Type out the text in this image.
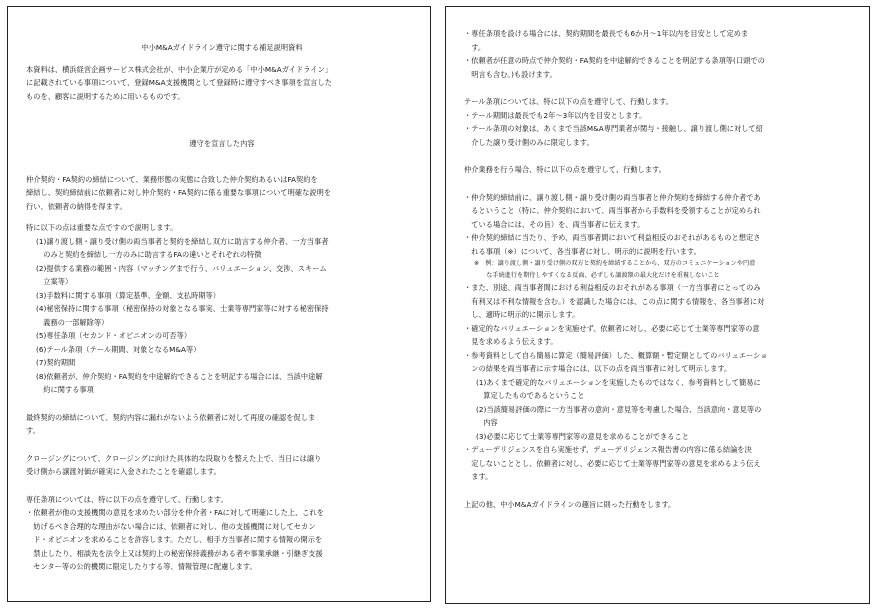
中小M&Aガイドライン遵守に関する補足説明資料

本資料は、横浜経営企画サービス株式会社が、中小企業庁が定める「中小M&Aガイドライン」

に記載されている事項について、登録M&A支援機関として登録時に遵守すべき事項を宣言した

ものを、顧客に説明するために用いるものです。

遵守を宣言した内容

仲介契約・FA契約の締結について、業務形態の実態に合致した仲介契約あるいはFA契約を

締結し、契約締結前に依頼者に対し仲介契約・FA契約に係る重要な事項について明確な説明を

行い、依頼者の納得を得ます。

特に以下の点は重要な点ですので説明します。

(1)譲り渡し側・譲り受け側の両当事者と契約を締結し双方に助言する仲介者、一方当事者

　のみと契約を締結し一方のみに助言するFAの違いとそれぞれの特徴

(2)提供する業務の範囲・内容（マッチングまで行う、バリュエーション、交渉、スキーム

　立案等）

(3)手数料に関する事項（算定基準、金額、支払時期等）

(4)秘密保持に関する事項（秘密保持の対象となる事実、士業等専門家等に対する秘密保持

　義務の一部解除等）

(5)専任条項（セカンド・オピニオンの可否等）

(6)テール条項（テール期間、対象となるM&A等）

(7)契約期間

(8)依頼者が、仲介契約・FA契約を中途解約できることを明記する場合には、当該中途解

　約に関する事項

最終契約の締結について、契約内容に漏れがないよう依頼者に対して再度の確認を促しま

す。

クロージングについて、クロージングに向けた具体的な段取りを整えた上で、当日には譲り

受け側から譲渡対価が確実に入金されたことを確認します。

専任条項については、特に以下の点を遵守して、行動します。

・依頼者が他の支援機関の意見を求めたい部分を仲介者・FAに対して明確にした上、これを

　妨げるべき合理的な理由がない場合には、依頼者に対し、他の支援機関に対してセカン

　ド・オピニオンを求めることを許容します。ただし、相手方当事者に関する情報の開示を

　禁止したり、相談先を法令上又は契約上の秘密保持義務がある者や事業承継・引継ぎ支援

　センター等の公的機関に限定したりする等、情報管理に配慮します。

・専任条項を設ける場合には、契約期間を最長でも6か月～1年以内を目安として定めま

　す。

・依頼者が任意の時点で仲介契約・FA契約を中途解約できることを明記する条項等(口頭での

　明言も含む。)も設けます。

テール条項については、特に以下の点を遵守して、行動します。

・テール期間は最長でも2年～3年以内を目安とします。

・テール条項の対象は、あくまで当該M&A専門業者が関与・接触し、譲り渡し側に対して紹

　介した譲り受け側のみに限定します。

仲介業務を行う場合、特に以下の点を遵守して、行動します。

・仲介契約締結前に、譲り渡し側・譲り受け側の両当事者と仲介契約を締結する仲介者であ

　るということ（特に、仲介契約において、両当事者から手数料を受領することが定められ

　ている場合には、その旨）を、両当事者に伝えます。

・仲介契約締結に当たり、予め、両当事者間において利益相反のおそれがあるものと想定さ

　れる事項（※）について、各当事者に対し、明示的に説明を行います。

※　例：譲り渡し側・譲り受け側の双方と契約を締結することから、双方のコミュニケーションや円滑

　　な手続進行を期待しやすくなる反面、必ずしも譲渡額の最大化だけを重視しないこと

・また、別途、両当事者間における利益相反のおそれがある事項（一方当事者にとってのみ

　有利又は不利な情報を含む。）を認識した場合には、この点に関する情報を、各当事者に対

　し、適時に明示的に開示します。

・確定的なバリュエーションを実施せず、依頼者に対し、必要に応じて士業等専門家等の意

　見を求めるよう伝えます。

・参考資料として自ら簡易に算定（簡易評価）した、概算額・暫定額としてのバリュエーショ

　ンの結果を両当事者に示す場合には、以下の点を両当事者に対して明示します。

(1)あくまで確定的なバリュエーションを実施したものではなく、参考資料として簡易に

　算定したものであるということ

(2)当該簡易評価の際に一方当事者の意向・意見等を考慮した場合、当該意向・意見等の

　内容

(3)必要に応じて士業等専門家等の意見を求めることができること

・デューデリジェンスを自ら実施せず、デューデリジェンス報告書の内容に係る結論を決

　定しないこととし、依頼者に対し、必要に応じて士業等専門家等の意見を求めるよう伝え

　ます。

上記の他、中小M&Aガイドラインの趣旨に則った行動をします。
